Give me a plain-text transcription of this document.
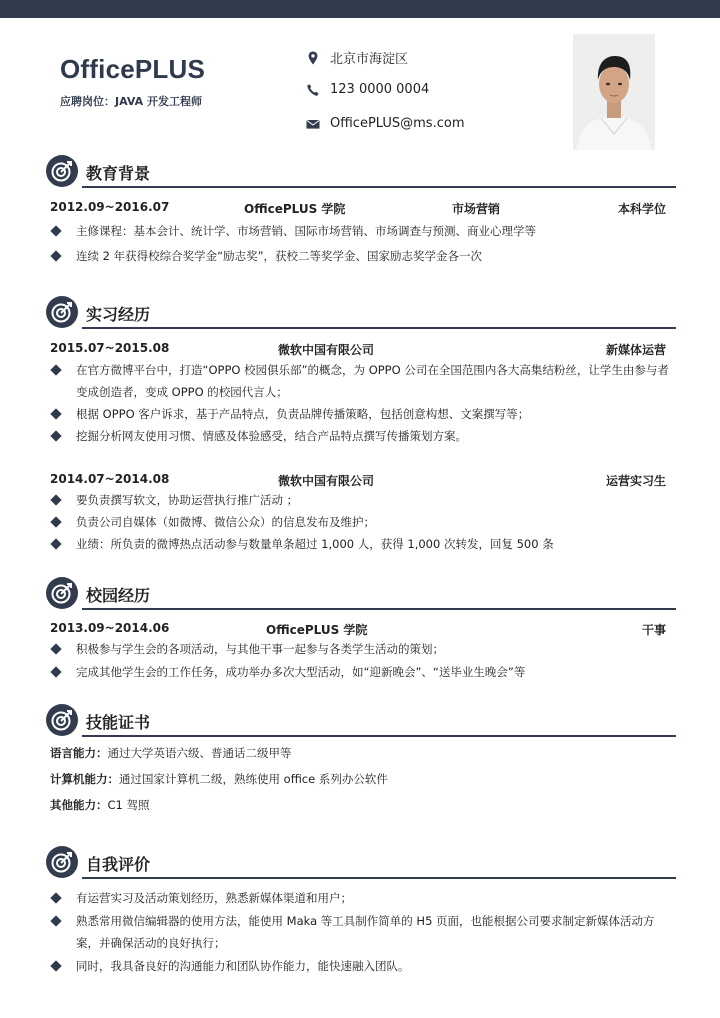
OfficePLUS
应聘岗位：JAVA 开发工程师
北京市海淀区
123 0000 0004
OfficePLUS@ms.com
教育背景
2012.09~2016.07	OfficePLUS 学院	市场营销	本科学位
主修课程：基本会计、统计学、市场营销、国际市场营销、市场调查与预测、商业心理学等
连续 2 年获得校综合奖学金“励志奖”，获校二等奖学金、国家励志奖学金各一次
实习经历
2015.07~2015.08	微软中国有限公司	新媒体运营
在官方微博平台中，打造“OPPO 校园俱乐部”的概念，为 OPPO 公司在全国范围内各大高集结粉丝，让学生由参与者变成创造者，变成 OPPO 的校园代言人；
根据 OPPO 客户诉求，基于产品特点，负责品牌传播策略，包括创意构想、文案撰写等；
挖掘分析网友使用习惯、情感及体验感受，结合产品特点撰写传播策划方案。
2014.07~2014.08	微软中国有限公司	运营实习生
要负责撰写软文，协助运营执行推广活动 ；
负责公司自媒体（如微博、微信公众）的信息发布及维护；
业绩：所负责的微博热点活动参与数量单条超过 1,000 人，获得 1,000 次转发，回复 500 条
校园经历
2013.09~2014.06	OfficePLUS 学院	干事
积极参与学生会的各项活动，与其他干事一起参与各类学生活动的策划；
完成其他学生会的工作任务，成功举办多次大型活动，如“迎新晚会”、“送毕业生晚会”等
技能证书
语言能力：通过大学英语六级、普通话二级甲等
计算机能力：通过国家计算机二级，熟练使用 office 系列办公软件
其他能力：C1 驾照
自我评价
有运营实习及活动策划经历，熟悉新媒体渠道和用户；
熟悉常用微信编辑器的使用方法，能使用 Maka 等工具制作简单的 H5 页面，也能根据公司要求制定新媒体活动方案，并确保活动的良好执行；
同时，我具备良好的沟通能力和团队协作能力，能快速融入团队。
